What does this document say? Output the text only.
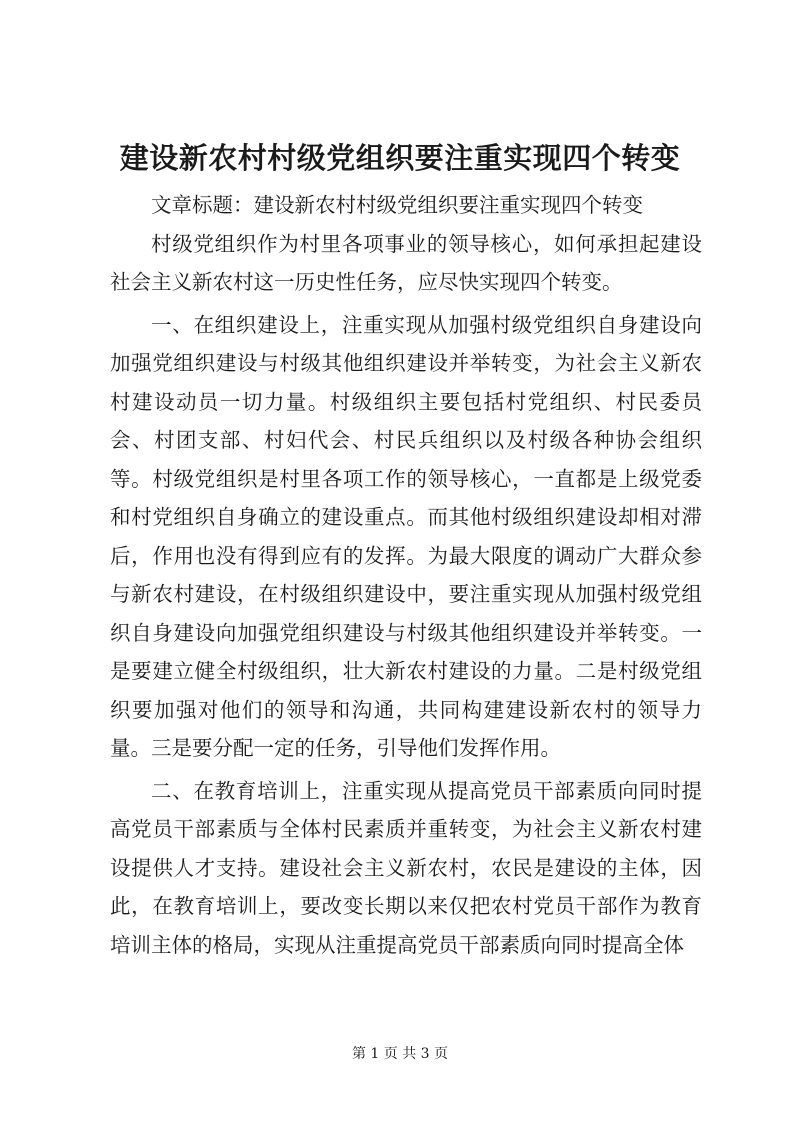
建设新农村村级党组织要注重实现四个转变

文章标题：建设新农村村级党组织要注重实现四个转变

村级党组织作为村里各项事业的领导核心，如何承担起建设社会主义新农村这一历史性任务，应尽快实现四个转变。

一、在组织建设上，注重实现从加强村级党组织自身建设向加强党组织建设与村级其他组织建设并举转变，为社会主义新农村建设动员一切力量。村级组织主要包括村党组织、村民委员会、村团支部、村妇代会、村民兵组织以及村级各种协会组织等。村级党组织是村里各项工作的领导核心，一直都是上级党委和村党组织自身确立的建设重点。而其他村级组织建设却相对滞后，作用也没有得到应有的发挥。为最大限度的调动广大群众参与新农村建设，在村级组织建设中，要注重实现从加强村级党组织自身建设向加强党组织建设与村级其他组织建设并举转变。一是要建立健全村级组织，壮大新农村建设的力量。二是村级党组织要加强对他们的领导和沟通，共同构建建设新农村的领导力量。三是要分配一定的任务，引导他们发挥作用。

二、在教育培训上，注重实现从提高党员干部素质向同时提高党员干部素质与全体村民素质并重转变，为社会主义新农村建设提供人才支持。建设社会主义新农村，农民是建设的主体，因此，在教育培训上，要改变长期以来仅把农村党员干部作为教育培训主体的格局，实现从注重提高党员干部素质向同时提高全体

第 1 页 共 3 页
